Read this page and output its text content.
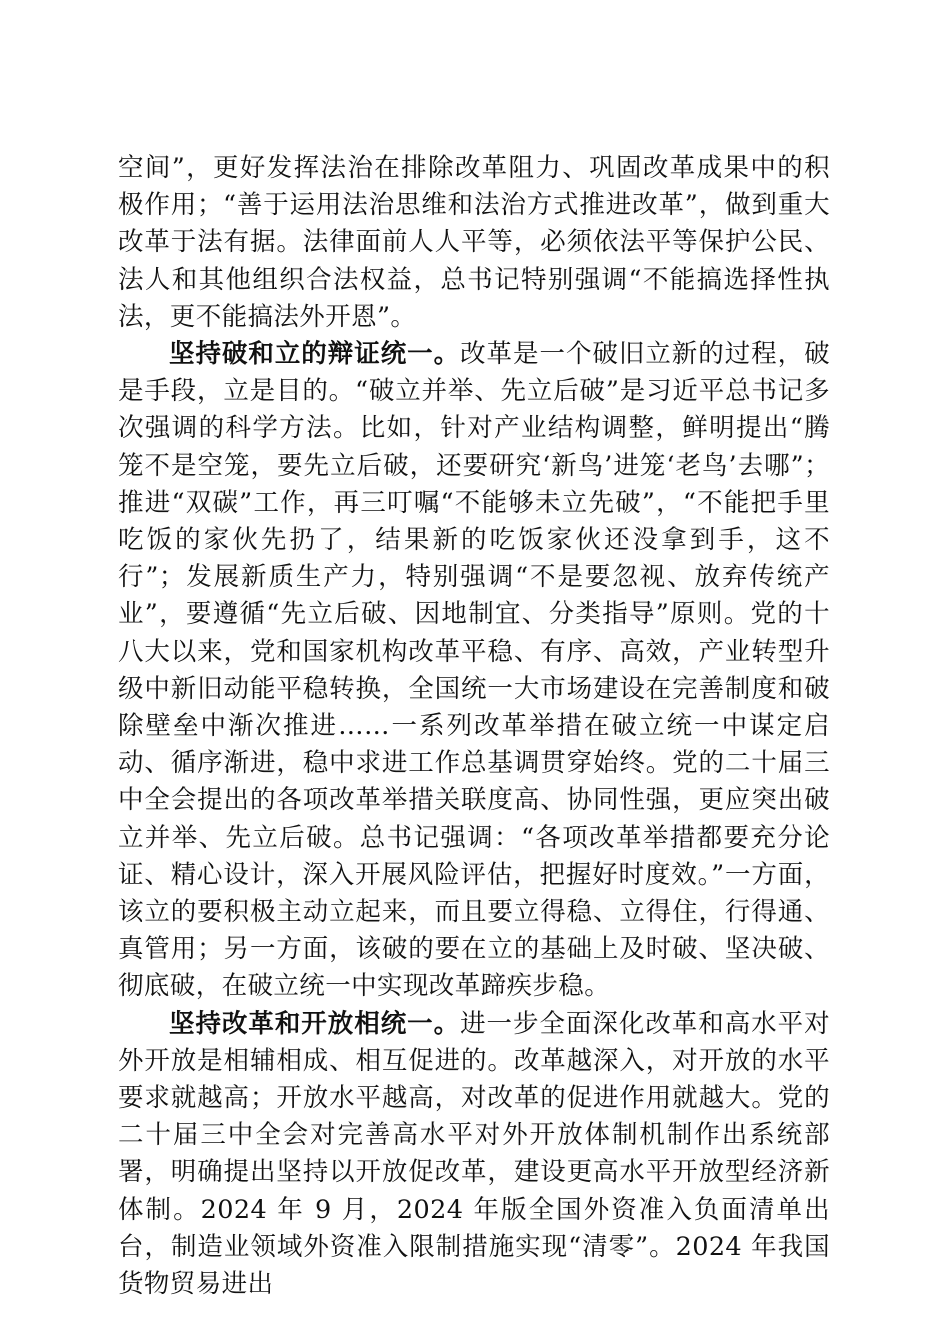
空间”，更好发挥法治在排除改革阻力、巩固改革成果中的积极作用；“善于运用法治思维和法治方式推进改革”，做到重大改革于法有据。法律面前人人平等，必须依法平等保护公民、法人和其他组织合法权益，总书记特别强调“不能搞选择性执法，更不能搞法外开恩”。

坚持破和立的辩证统一。改革是一个破旧立新的过程，破是手段，立是目的。“破立并举、先立后破”是习近平总书记多次强调的科学方法。比如，针对产业结构调整，鲜明提出“腾笼不是空笼，要先立后破，还要研究‘新鸟’进笼‘老鸟’去哪”；推进“双碳”工作，再三叮嘱“不能够未立先破”，“不能把手里吃饭的家伙先扔了，结果新的吃饭家伙还没拿到手，这不行”；发展新质生产力，特别强调“不是要忽视、放弃传统产业”，要遵循“先立后破、因地制宜、分类指导”原则。党的十八大以来，党和国家机构改革平稳、有序、高效，产业转型升级中新旧动能平稳转换，全国统一大市场建设在完善制度和破除壁垒中渐次推进……一系列改革举措在破立统一中谋定启动、循序渐进，稳中求进工作总基调贯穿始终。党的二十届三中全会提出的各项改革举措关联度高、协同性强，更应突出破立并举、先立后破。总书记强调：“各项改革举措都要充分论证、精心设计，深入开展风险评估，把握好时度效。”一方面，该立的要积极主动立起来，而且要立得稳、立得住，行得通、真管用；另一方面，该破的要在立的基础上及时破、坚决破、彻底破，在破立统一中实现改革蹄疾步稳。

坚持改革和开放相统一。进一步全面深化改革和高水平对外开放是相辅相成、相互促进的。改革越深入，对开放的水平要求就越高；开放水平越高，对改革的促进作用就越大。党的二十届三中全会对完善高水平对外开放体制机制作出系统部署，明确提出坚持以开放促改革，建设更高水平开放型经济新体制。2024 年 9 月，2024 年版全国外资准入负面清单出台，制造业领域外资准入限制措施实现“清零”。2024 年我国货物贸易进出
